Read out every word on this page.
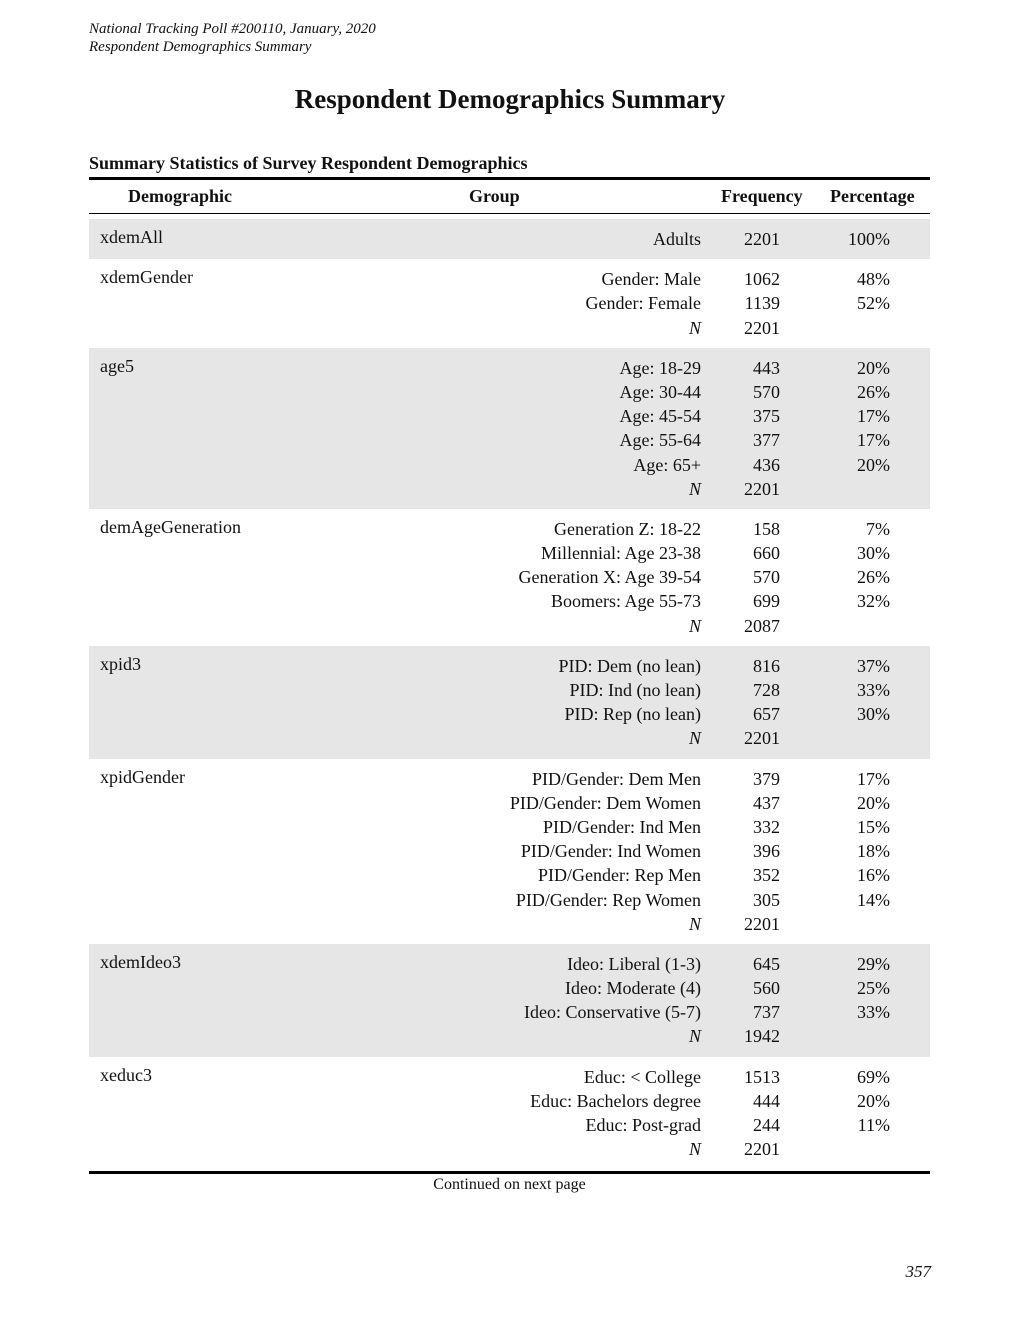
National Tracking Poll #200110, January, 2020
Respondent Demographics Summary
Respondent Demographics Summary
Summary Statistics of Survey Respondent Demographics
Demographic	Group	Frequency Percentage
xdemAll	Adults 2201	100%
xdemGender	Gender: Male 1062	48%
Gender: Female 1139	52%
N 2201
age5	Age: 18-29	443	20%
Age: 30-44	570	26%
Age: 45-54	375	17%
Age: 55-64	377	17%
Age: 65+	436	20%
N 2201
demAgeGeneration	Generation Z: 18-22	158	7%
Millennial: Age 23-38	660	30%
Generation X: Age 39-54	570	26%
Boomers: Age 55-73	699	32%
N 2087
xpid3	PID: Dem (no lean)	816	37%
PID: Ind (no lean)	728	33%
PID: Rep (no lean)	657	30%
N 2201
xpidGender	PID/Gender: Dem Men	379	17%
PID/Gender: Dem Women	437	20%
PID/Gender: Ind Men	332	15%
PID/Gender: Ind Women	396	18%
PID/Gender: Rep Men	352	16%
PID/Gender: Rep Women	305	14%
N 2201
xdemIdeo3	Ideo: Liberal (1-3)	645	29%
Ideo: Moderate (4)	560	25%
Ideo: Conservative (5-7)	737	33%
N 1942
xeduc3	Educ: < College 1513	69%
Educ: Bachelors degree	444	20%
Educ: Post-grad	244	11%
N 2201
Continued on next page
357
